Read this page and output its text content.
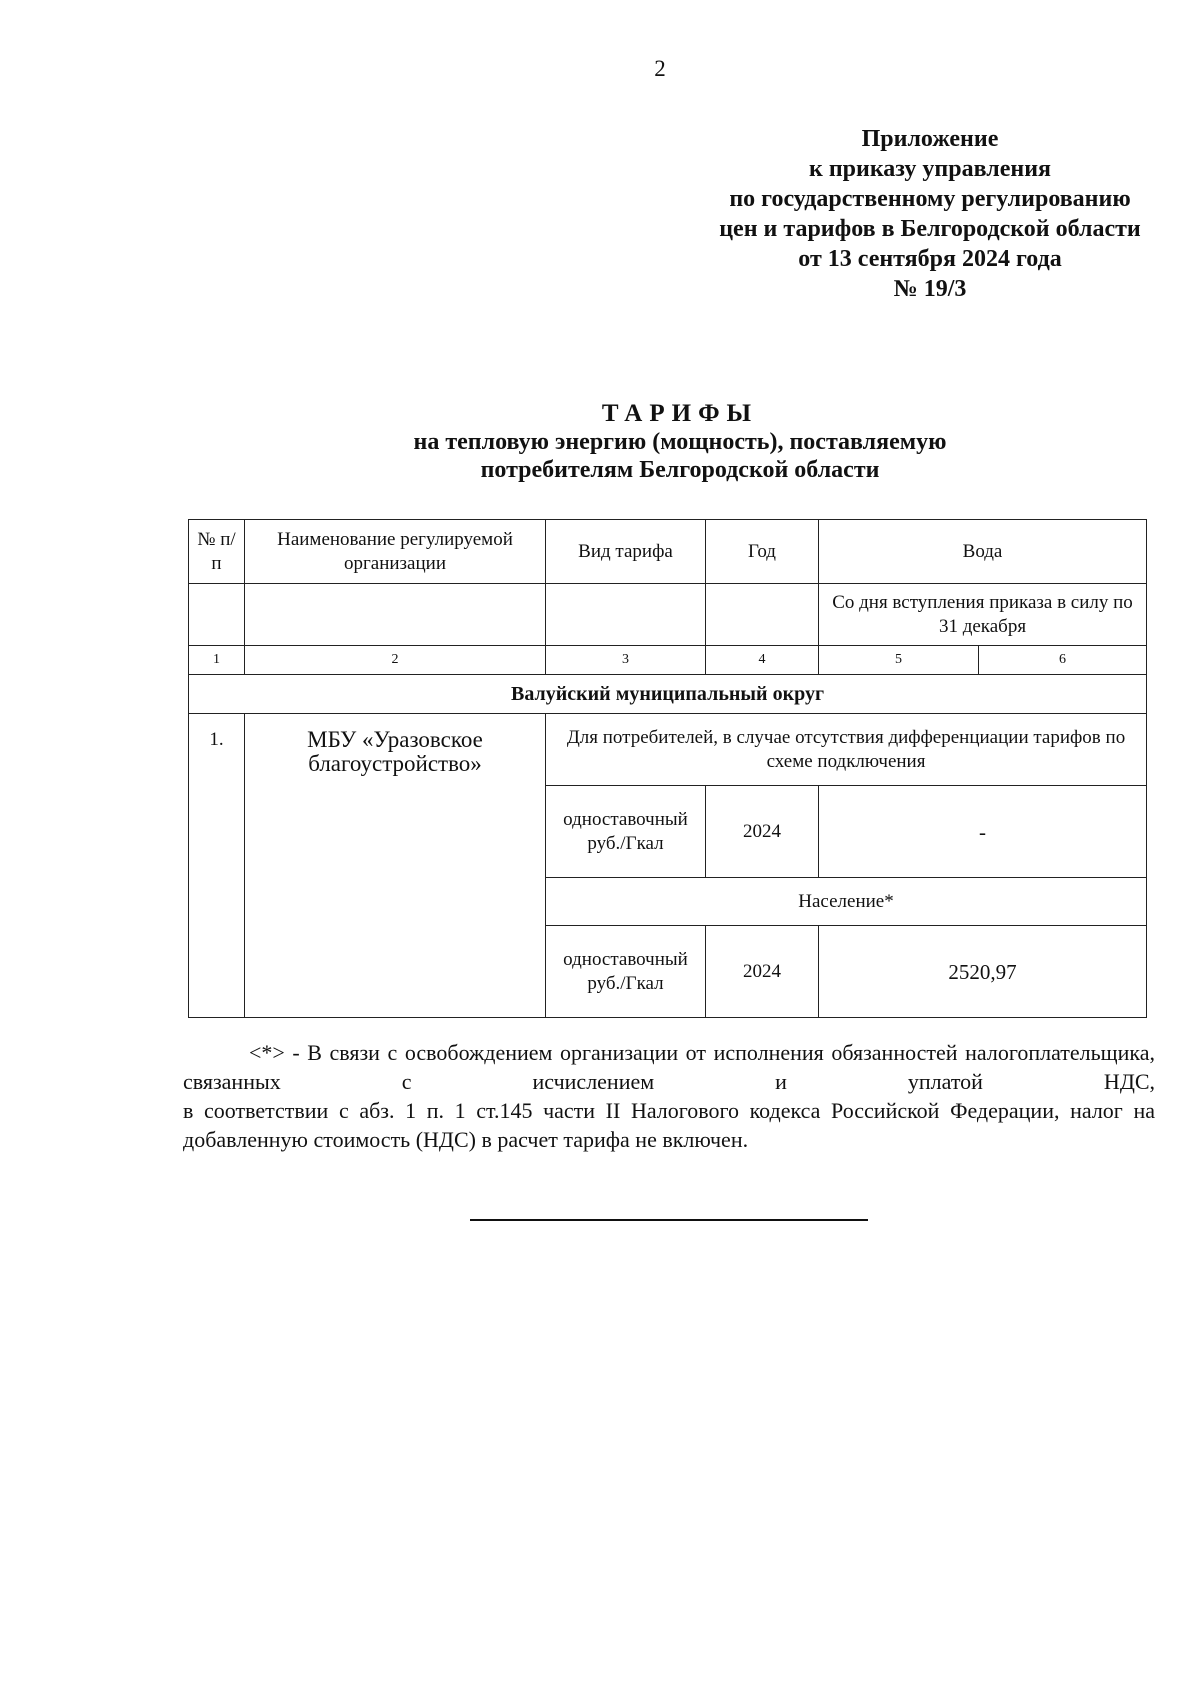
2
Приложение
к приказу управления
по государственному регулированию
цен и тарифов в Белгородской области
от 13 сентября 2024 года
№ 19/3
ТАРИФЫ
на тепловую энергию (мощность), поставляемую
потребителям Белгородской области
№ п/п	Наименование регулируемой организации	Вид тарифа	Год	Вода	
				Со дня вступления приказа в силу по 31 декабря	
1	2	3	4	5	6
Валуйский муниципальный округ					
1.	МБУ «Уразовское благоустройство»	Для потребителей, в случае отсутствия дифференциации тарифов по схеме подключения			
		одноставочный руб./Гкал	2024	-	
		Население*			
		одноставочный руб./Гкал	2024	2520,97	

<*> - В связи с освобождением организации от исполнения обязанностей налогоплательщика, связанных с исчислением и уплатой НДС,

в соответствии с абз. 1 п. 1 ст.145 части II Налогового кодекса Российской Федерации, налог на добавленную стоимость (НДС) в расчет тарифа не включен.
